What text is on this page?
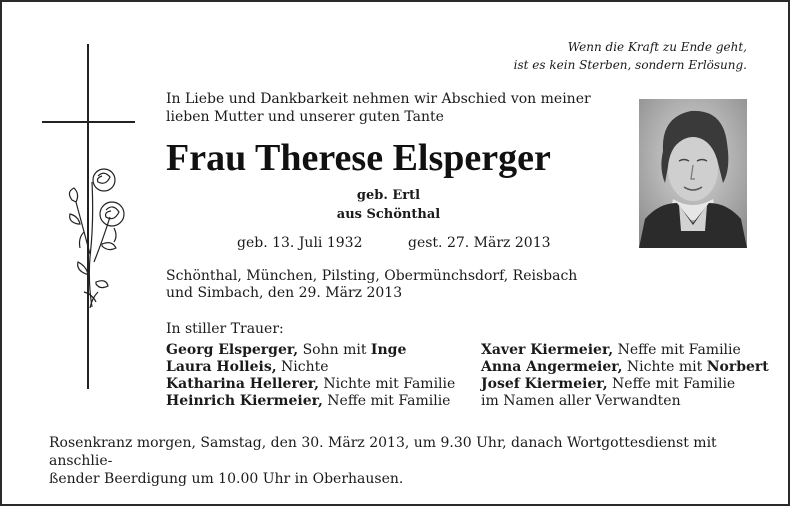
Wenn die Kraft zu Ende geht,
ist es kein Sterben, sondern Erlösung.
In Liebe und Dankbarkeit nehmen wir Abschied von meiner
lieben Mutter und unserer guten Tante
Frau Therese Elsperger
geb. Ertl
aus Schönthal
geb. 13. Juli 1932	gest. 27. März 2013
Schönthal, München, Pilsting, Obermünchsdorf, Reisbach
und Simbach, den 29. März 2013
In stiller Trauer:
Georg Elsperger, Sohn mit Inge
Laura Holleis, Nichte
Katharina Hellerer, Nichte mit Familie
Heinrich Kiermeier, Neffe mit Familie
Xaver Kiermeier, Neffe mit Familie
Anna Angermeier, Nichte mit Norbert
Josef Kiermeier, Neffe mit Familie
im Namen aller Verwandten
Rosenkranz morgen, Samstag, den 30. März 2013, um 9.30 Uhr, danach Wortgottesdienst mit anschlie-
ßender Beerdigung um 10.00 Uhr in Oberhausen.
